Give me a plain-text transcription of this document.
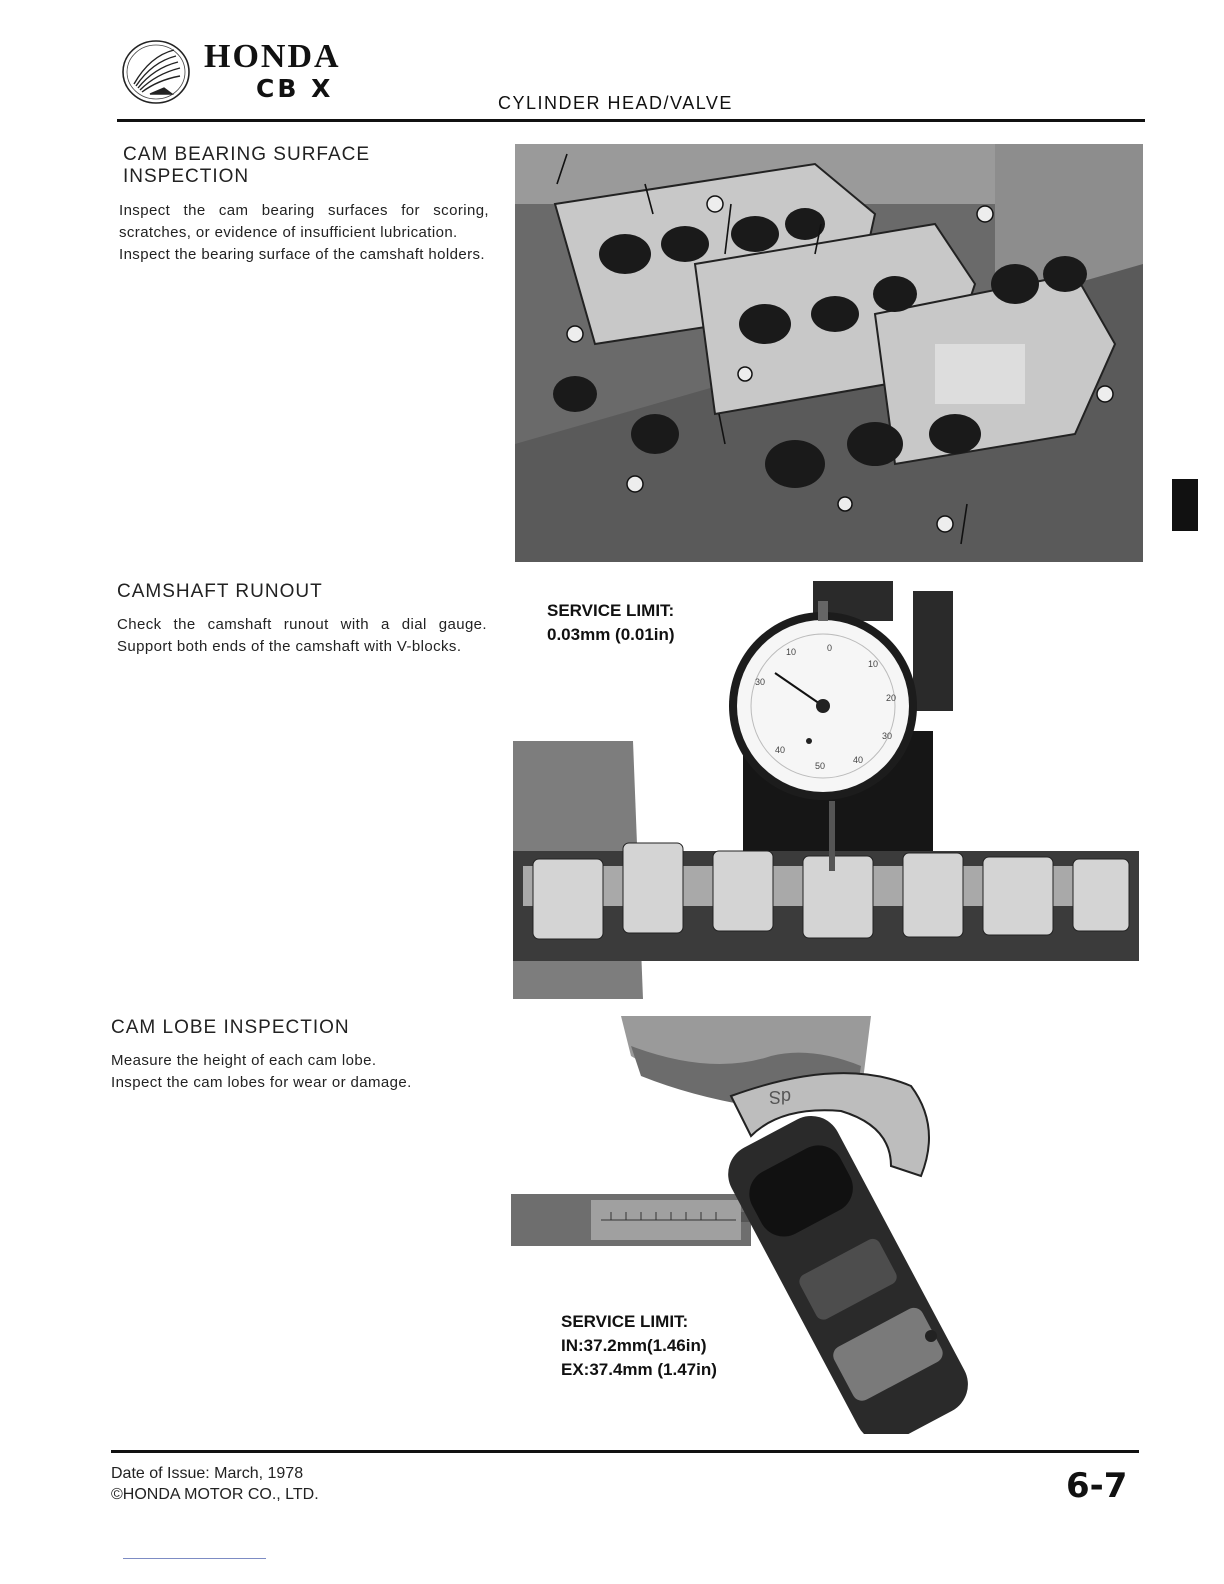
HONDA
CB X	CYLINDER HEAD/VALVE
CAM BEARING SURFACE
INSPECTION

Inspect the cam bearing surfaces for scoring, scratches, or evidence of insufficient lubrication.

Inspect the bearing surface of the camshaft holders.

CAMSHAFT RUNOUT

Check the camshaft runout with a dial gauge. Support both ends of the camshaft with V-blocks.	10	0
10
20
30
40
50
40
30
SERVICE LIMIT:
0.03mm (0.01in)
CAM LOBE INSPECTION

Measure the height of each cam lobe.

Inspect the cam lobes for wear or damage.

dS
SERVICE LIMIT:
IN:37.2mm(1.46in)
EX:37.4mm (1.47in)
Date of Issue: March, 1978
©HONDA MOTOR CO., LTD.	6-7
